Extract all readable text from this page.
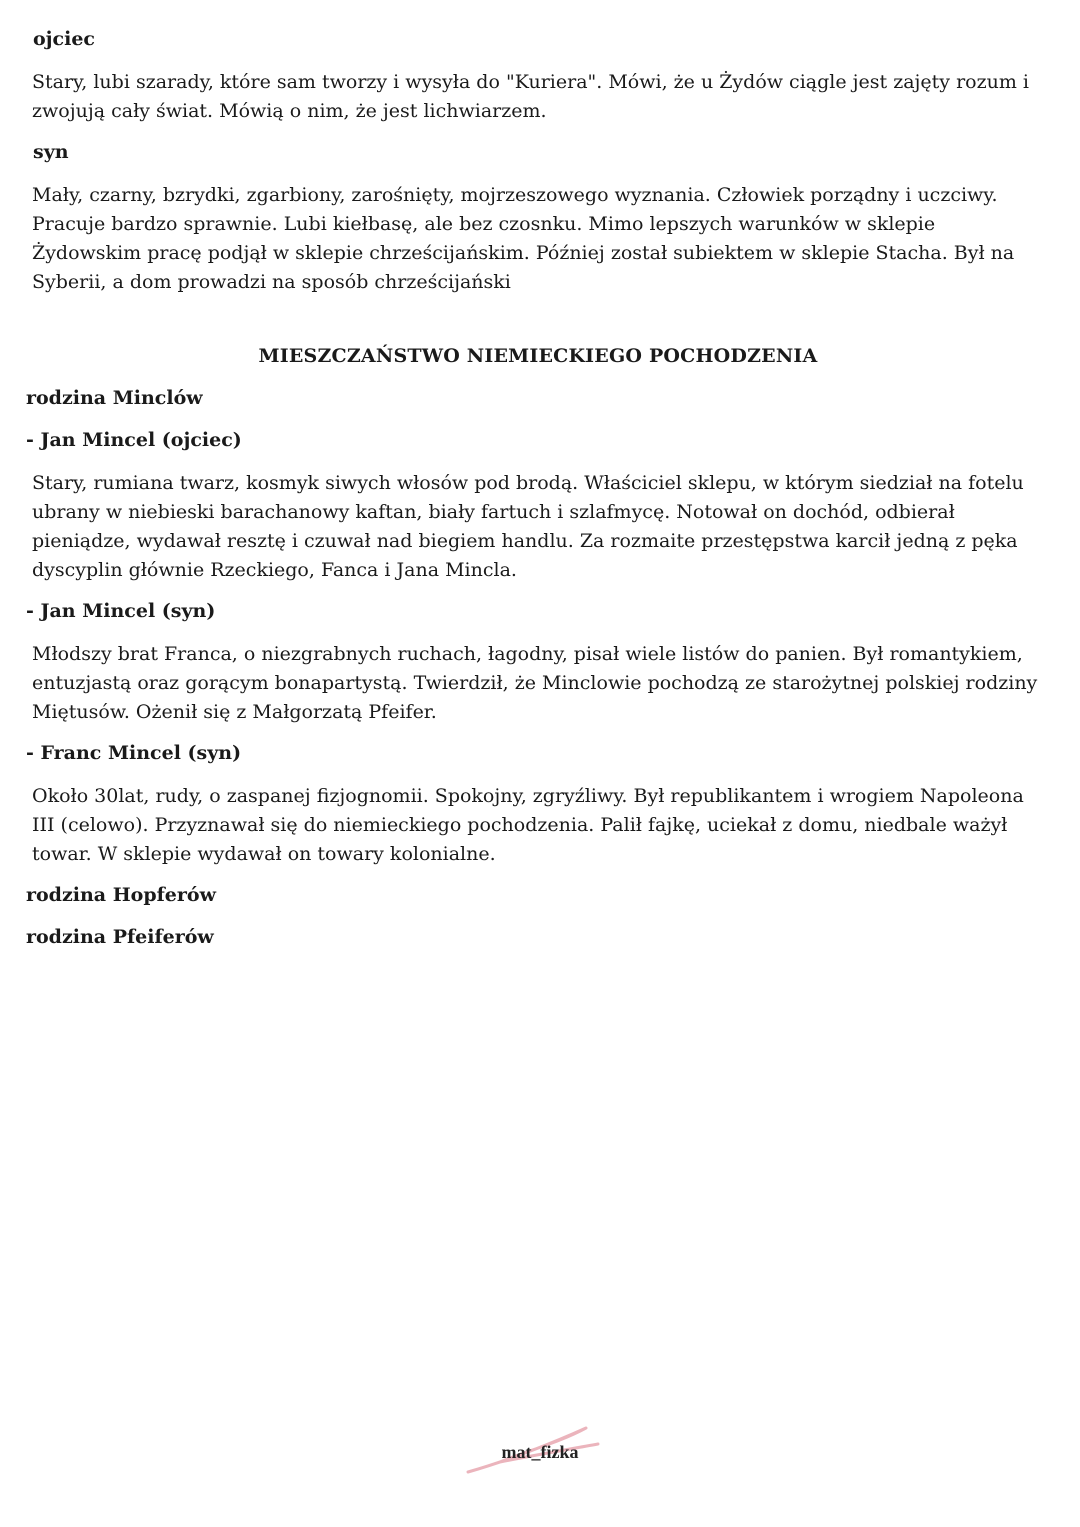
ojciec
Stary, lubi szarady, które sam tworzy i wysyła do "Kuriera". Mówi, że u Żydów ciągle jest zajęty rozum i zwojują cały świat. Mówią o nim, że jest lichwiarzem.
syn
Mały, czarny, bzrydki, zgarbiony, zarośnięty, mojrzeszowego wyznania. Człowiek porządny i uczciwy. Pracuje bardzo sprawnie. Lubi kiełbasę, ale bez czosnku. Mimo lepszych warunków w sklepie Żydowskim pracę podjął w sklepie chrześcijańskim. Później został subiektem w sklepie Stacha. Był na Syberii, a dom prowadzi na sposób chrześcijański
MIESZCZAŃSTWO NIEMIECKIEGO POCHODZENIA
rodzina Minclów
- Jan Mincel (ojciec)
Stary, rumiana twarz, kosmyk siwych włosów pod brodą. Właściciel sklepu, w którym siedział na fotelu ubrany w niebieski barachanowy kaftan, biały fartuch i szlafmycę. Notował on dochód, odbierał pieniądze, wydawał resztę i czuwał nad biegiem handlu. Za rozmaite przestępstwa karcił jedną z pęka dyscyplin głównie Rzeckiego, Fanca i Jana Mincla.
- Jan Mincel (syn)
Młodszy brat Franca, o niezgrabnych ruchach, łagodny, pisał wiele listów do panien. Był romantykiem, entuzjastą oraz gorącym bonapartystą. Twierdził, że Minclowie pochodzą ze starożytnej polskiej rodziny Miętusów. Ożenił się z Małgorzatą Pfeifer.
- Franc Mincel (syn)
Około 30lat, rudy, o zaspanej fizjognomii. Spokojny, zgryźliwy. Był republikantem i wrogiem Napoleona III (celowo). Przyznawał się do niemieckiego pochodzenia. Palił fajkę, uciekał z domu, niedbale ważył towar. W sklepie wydawał on towary kolonialne.
rodzina Hopferów
rodzina Pfeiferów
mat_fizka
